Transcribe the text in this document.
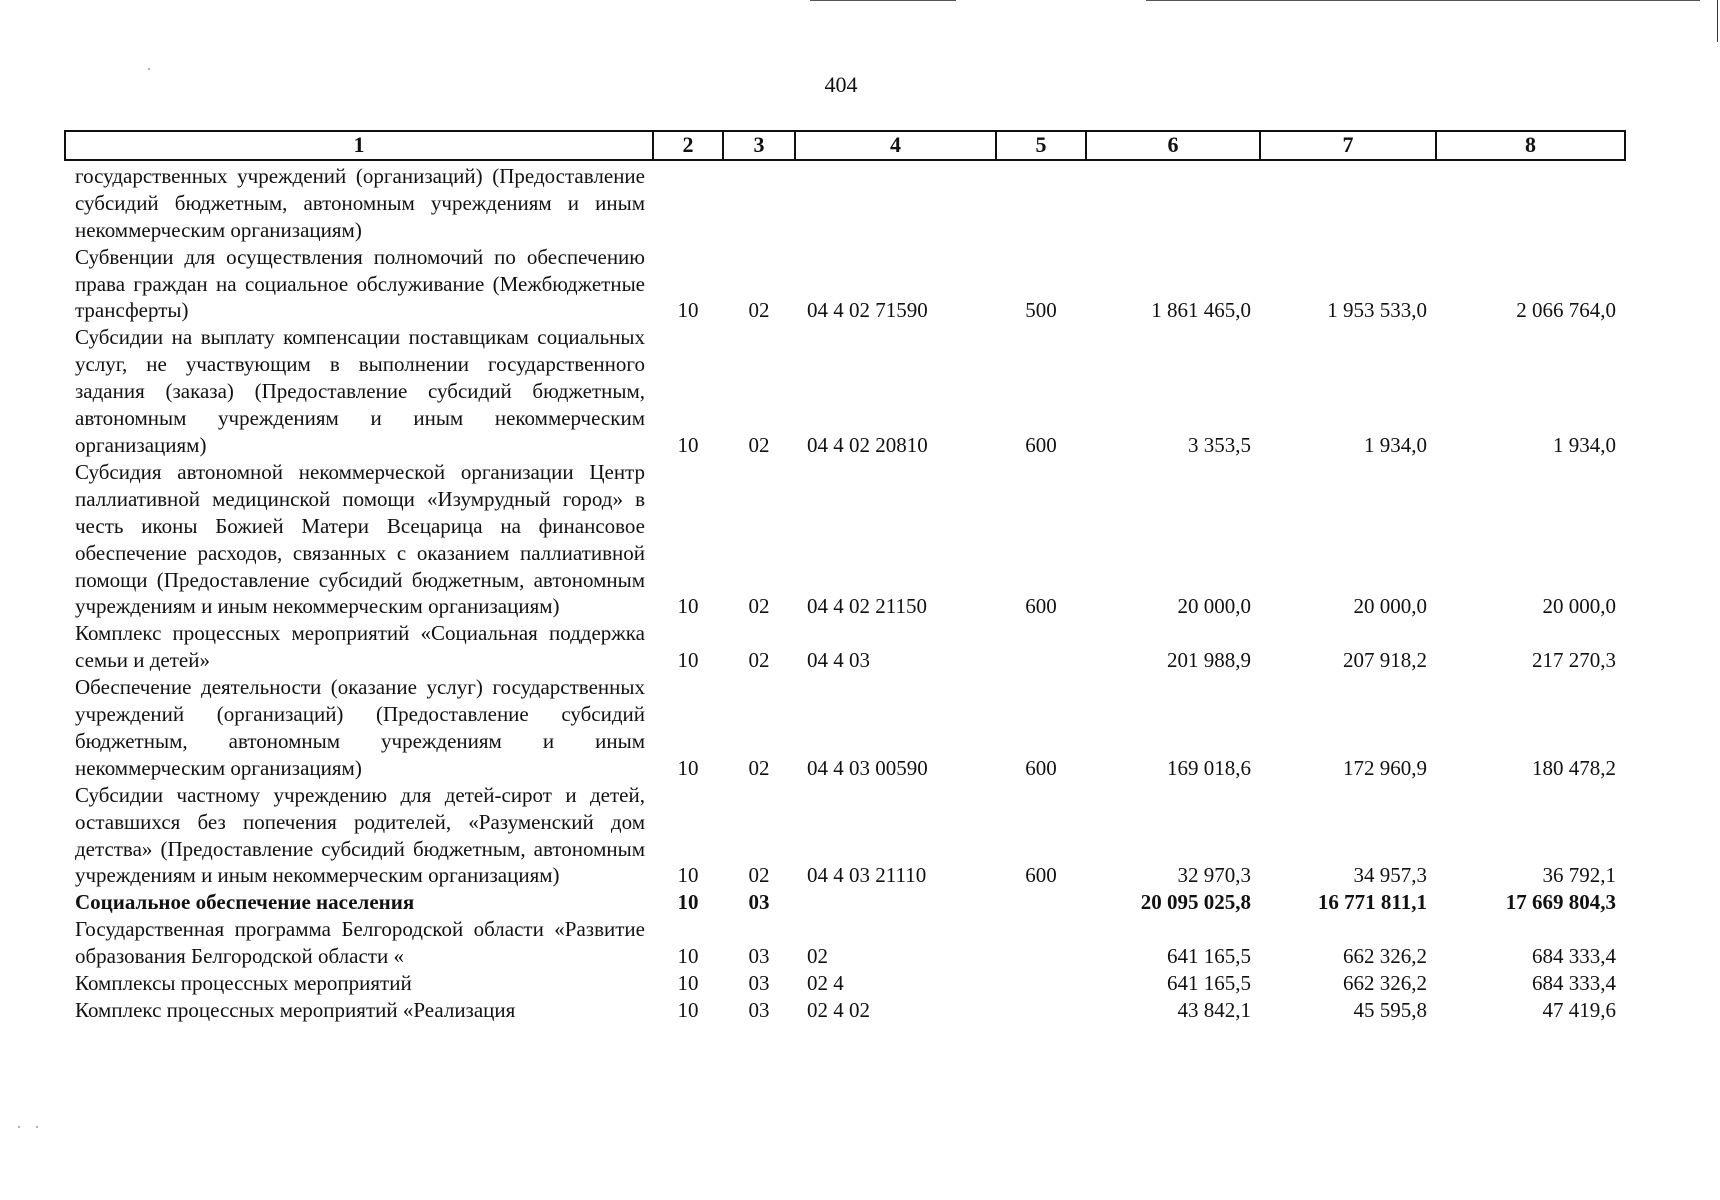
404
1	2	3	4	5	6	7	8
государственных учреждений (организаций) (Предоставление субсидий бюджетным, автономным учреждениям и иным некоммерческим организациям)							
Субвенции для осуществления полномочий по обеспечению права граждан на социальное обслуживание (Межбюджетные трансферты)	10	02	04 4 02 71590	500	1 861 465,0	1 953 533,0	2 066 764,0
Субсидии на выплату компенсации поставщикам социальных услуг, не участвующим в выполнении государственного задания (заказа) (Предоставление субсидий бюджетным, автономным учреждениям и иным некоммерческим организациям)	10	02	04 4 02 20810	600	3 353,5	1 934,0	1 934,0
Субсидия автономной некоммерческой организации Центр паллиативной медицинской помощи «Изумрудный город» в честь иконы Божией Матери Всецарица на финансовое обеспечение расходов, связанных с оказанием паллиативной помощи (Предоставление субсидий бюджетным, автономным учреждениям и иным некоммерческим организациям)	10	02	04 4 02 21150	600	20 000,0	20 000,0	20 000,0
Комплекс процессных мероприятий «Социальная поддержка семьи и детей»	10	02	04 4 03		201 988,9	207 918,2	217 270,3
Обеспечение деятельности (оказание услуг) государственных учреждений (организаций) (Предоставление субсидий бюджетным, автономным учреждениям и иным некоммерческим организациям)	10	02	04 4 03 00590	600	169 018,6	172 960,9	180 478,2
Субсидии частному учреждению для детей-сирот и детей, оставшихся без попечения родителей, «Разуменский дом детства» (Предоставление субсидий бюджетным, автономным учреждениям и иным некоммерческим организациям)	10	02	04 4 03 21110	600	32 970,3	34 957,3	36 792,1
Социальное обеспечение населения	10	03			20 095 025,8	16 771 811,1	17 669 804,3
Государственная программа Белгородской области «Развитие образования Белгородской области «	10	03	02		641 165,5	662 326,2	684 333,4
Комплексы процессных мероприятий	10	03	02 4		641 165,5	662 326,2	684 333,4
Комплекс процессных мероприятий «Реализация	10	03	02 4 02		43 842,1	45 595,8	47 419,6
